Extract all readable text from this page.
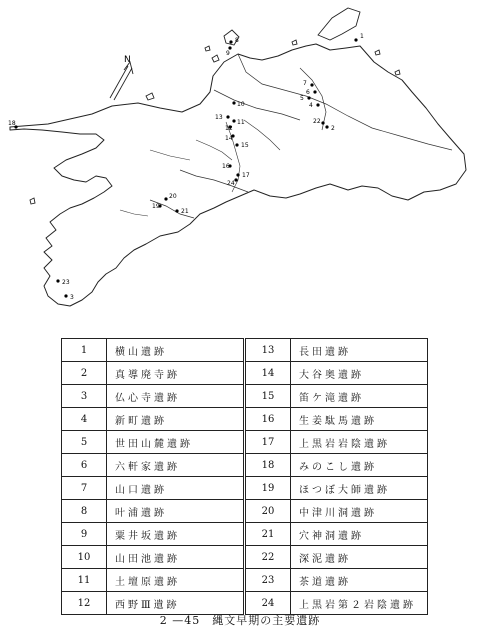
N
1
2
3
4
5
6
7
8
9
10
11
12
13
14
15
16
17
18
19
20
21
22
23
24
1	横山遺跡	13	長田遺跡
2	真導廃寺跡	14	大谷奥遺跡
3	仏心寺遺跡	15	笛ケ滝遺跡
4	新町遺跡	16	生姜駄馬遺跡
5	世田山麓遺跡	17	上黒岩岩陰遺跡
6	六軒家遺跡	18	みのこし遺跡
7	山口遺跡	19	ほつぼ大師遺跡
8	叶浦遺跡	20	中津川洞遺跡
9	粟井坂遺跡	21	穴神洞遺跡
10	山田池遺跡	22	深泥遺跡
11	土壇原遺跡	23	茶道遺跡
12	西野Ⅲ遺跡	24	上黒岩第２岩陰遺跡
2 —45　縄文早期の主要遺跡
